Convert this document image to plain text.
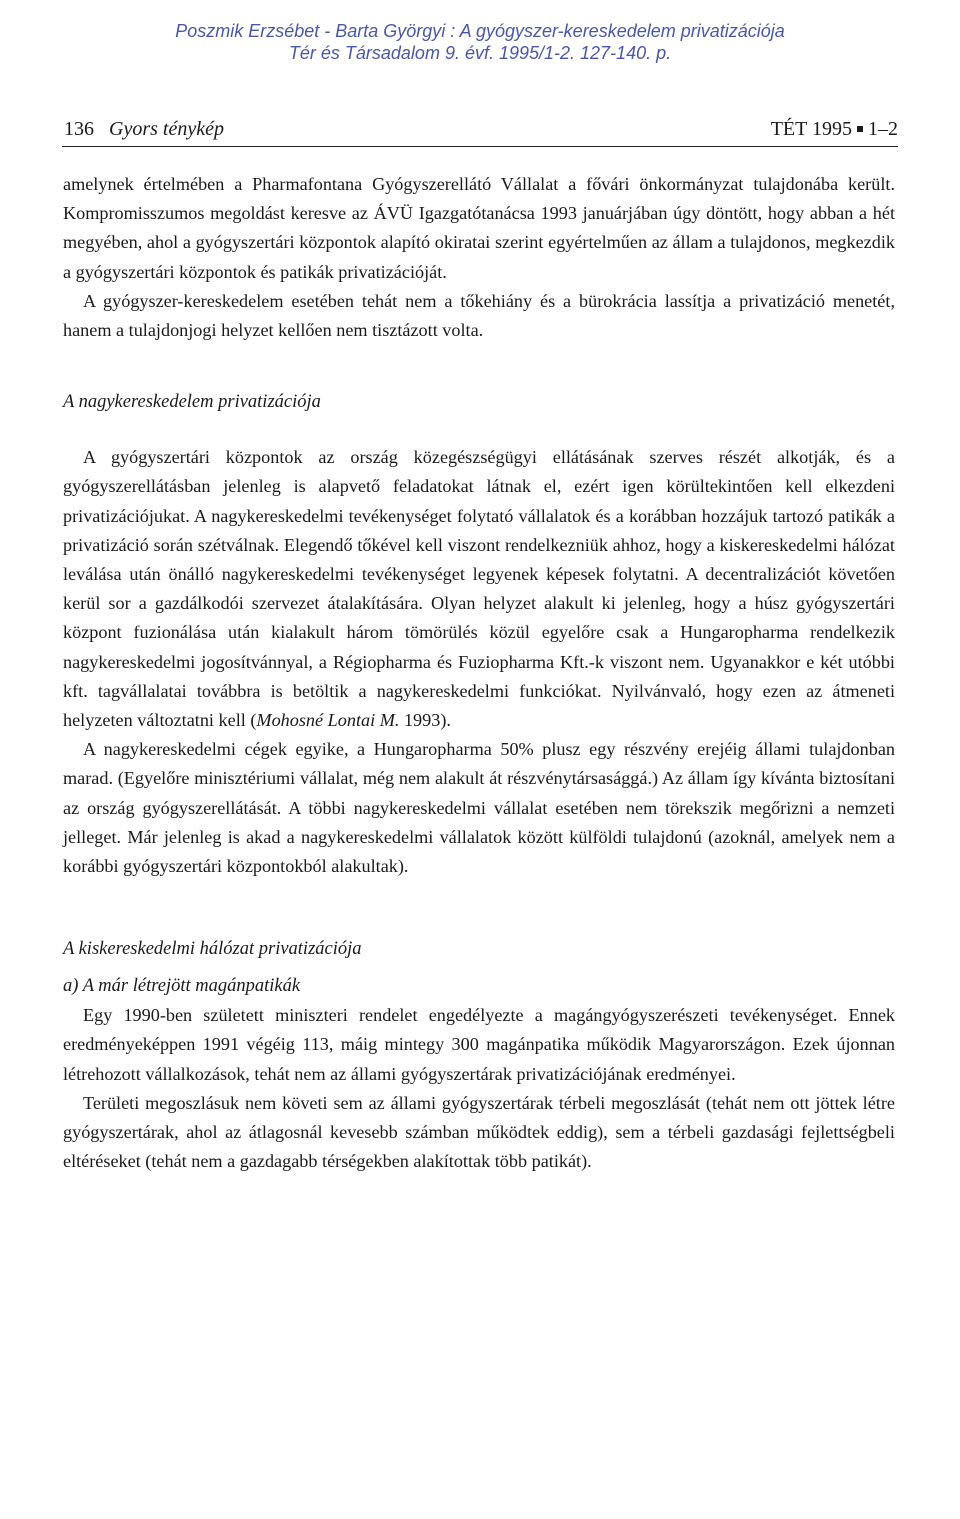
Poszmik Erzsébet - Barta Györgyi : A gyógyszer-kereskedelem privatizációja
Tér és Társadalom 9. évf. 1995/1-2. 127-140. p.
136 Gyors ténykép	TÉT 1995 1–2

amelynek értelmében a Pharmafontana Gyógyszerellátó Vállalat a fővári önkormányzat tulajdonába került. Kompromisszumos megoldást keresve az ÁVÜ Igazgatótanácsa 1993 januárjában úgy döntött, hogy abban a hét megyében, ahol a gyógyszertári központok alapító okiratai szerint egyértelműen az állam a tulajdonos, megkezdik a gyógyszertári központok és patikák privatizációját.

A gyógyszer-kereskedelem esetében tehát nem a tőkehiány és a bürokrácia lassítja a privatizáció menetét, hanem a tulajdonjogi helyzet kellően nem tisztázott volta.

A nagykereskedelem privatizációja

A gyógyszertári központok az ország közegészségügyi ellátásának szerves részét alkotják, és a gyógyszerellátásban jelenleg is alapvető feladatokat látnak el, ezért igen körültekintően kell elkezdeni privatizációjukat. A nagykereskedelmi tevékenységet folytató vállalatok és a korábban hozzájuk tartozó patikák a privatizáció során szétválnak. Elegendő tőkével kell viszont rendelkezniük ahhoz, hogy a kiskereskedelmi hálózat leválása után önálló nagykereskedelmi tevékenységet legyenek képesek folytatni. A decentralizációt követően kerül sor a gazdálkodói szervezet átalakítására. Olyan helyzet alakult ki jelenleg, hogy a húsz gyógyszertári központ fuzionálása után kialakult három tömörülés közül egyelőre csak a Hungaropharma rendelkezik nagykereskedelmi jogosítvánnyal, a Régiopharma és Fuziopharma Kft.-k viszont nem. Ugyanakkor e két utóbbi kft. tagvállalatai továbbra is betöltik a nagykereskedelmi funkciókat. Nyilvánvaló, hogy ezen az átmeneti helyzeten változtatni kell (Mohosné Lontai M. 1993).

A nagykereskedelmi cégek egyike, a Hungaropharma 50% plusz egy részvény erejéig állami tulajdonban marad. (Egyelőre minisztériumi vállalat, még nem alakult át részvénytársasággá.) Az állam így kívánta biztosítani az ország gyógyszerellátását. A többi nagykereskedelmi vállalat esetében nem törekszik megőrizni a nemzeti jelleget. Már jelenleg is akad a nagykereskedelmi vállalatok között külföldi tulajdonú (azoknál, amelyek nem a korábbi gyógyszertári központokból alakultak).

A kiskereskedelmi hálózat privatizációja
a) A már létrejött magánpatikák

Egy 1990-ben született miniszteri rendelet engedélyezte a magángyógyszerészeti tevékenységet. Ennek eredményeképpen 1991 végéig 113, máig mintegy 300 magánpatika működik Magyarországon. Ezek újonnan létrehozott vállalkozások, tehát nem az állami gyógyszertárak privatizációjának eredményei.

Területi megoszlásuk nem követi sem az állami gyógyszertárak térbeli megoszlását (tehát nem ott jöttek létre gyógyszertárak, ahol az átlagosnál kevesebb számban működtek eddig), sem a térbeli gazdasági fejlettségbeli eltéréseket (tehát nem a gazdagabb térségekben alakítottak több patikát).
